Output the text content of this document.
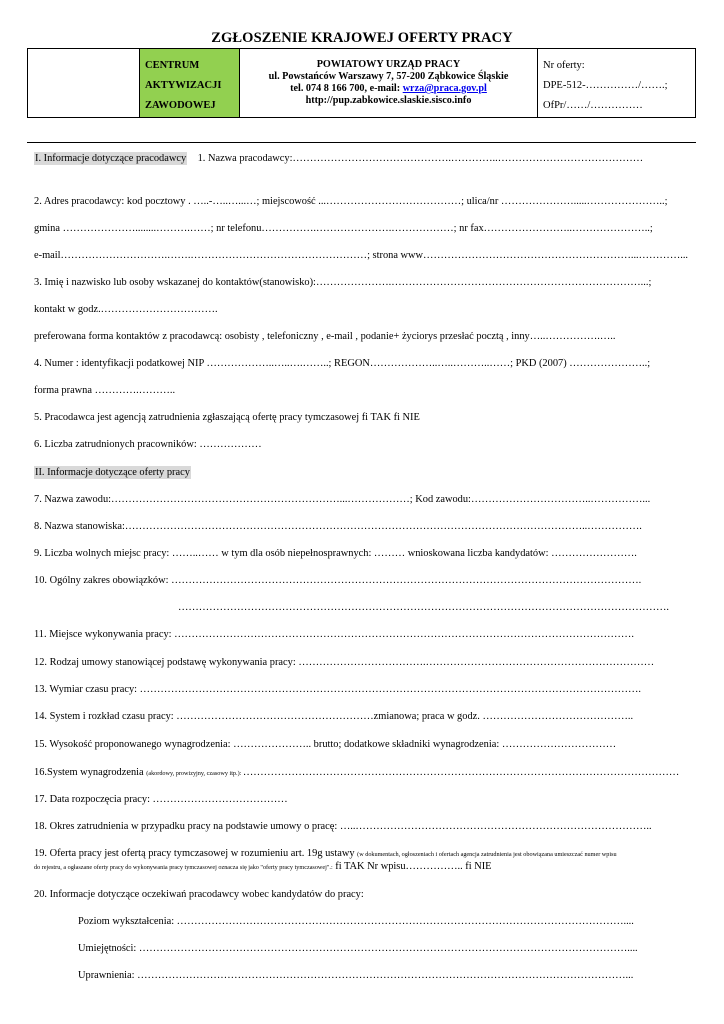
ZGŁOSZENIE KRAJOWEJ OFERTY PRACY
CENTRUM
AKTYWIZACJI
ZAWODOWEJ
POWIATOWY URZĄD PRACY
ul. Powstańców Warszawy 7, 57-200 Ząbkowice Śląskie
tel. 074 8 166 700, e-mail: wrza@praca.gov.pl
http://pup.zabkowice.slaskie.sisco.info
Nr oferty:
DPE-512-……………/…….;
OfPr/……/……………
I. Informacje dotyczące pracodawcy 1. Nazwa pracodawcy:……………………………………….…………..……………………………………
2. Adres pracodawcy: kod pocztowy . …..-…..…...…; miejscowość ...…………………………………; ulica/nr ………………….....…………………..;
gmina …………………........……….……; nr telefonu…………….………………….………………; nr fax……………………..…………………..;
e-mail………………………….…….……………………………………………; strona www……………………………………………………...…………...
3. Imię i nazwisko lub osoby wskazanej do kontaktów(stanowisko):………………….………………………………………………………………...;
kontakt w godz.…………………………….
preferowana forma kontaktów z pracodawcą: osobisty , telefoniczny , e-mail , podanie+ życiorys przesłać pocztą , inny…..…………….…..
4. Numer : identyfikacji podatkowej NIP ………………..…..….……..; REGON………………..…..………..……; PKD (2007) …………………..;
forma prawna ………….………..
5. Pracodawca jest agencją zatrudnienia zgłaszającą ofertę pracy tymczasowej fi TAK fi NIE
6. Liczba zatrudnionych pracowników: ………………
II. Informacje dotyczące oferty pracy
7. Nazwa zawodu:…………………………………………………………...………………; Kod zawodu:……………………………..……………...
8. Nazwa stanowiska:……………………………………………………………………………………………………………………..…………….
9. Liczba wolnych miejsc pracy: ……..…… w tym dla osób niepełnosprawnych: ……… wnioskowana liczba kandydatów: …………………….
10. Ogólny zakres obowiązków: ……………………………………………………………………………………………………………………….
…………………………………………………………………………………………………………………………….
11. Miejsce wykonywania pracy: …………………………………………………………………………………………………………………….
12. Rodzaj umowy stanowiącej podstawę wykonywania pracy: ……………………………….…………………………………………………………
13. Wymiar czasu pracy: ……………………………………………………………………………………………………………………………….
14. System i rozkład czasu pracy: …………………………………………………zmianowa; praca w godz. ……………………………………..
15. Wysokość proponowanego wynagrodzenia: ………………….. brutto; dodatkowe składniki wynagrodzenia: ……………………………
16.System wynagrodzenia (akordowy, prowizyjny, czasowy itp.): ………………………………………………………………………………………………………………
17. Data rozpoczęcia pracy: …………………………………
18. Okres zatrudnienia w przypadku pracy na podstawie umowy o pracę: …..…………………………………………………………………………..
19. Oferta pracy jest ofertą pracy tymczasowej w rozumieniu art. 19g ustawy (w dokumentach, ogłoszeniach i ofertach agencja zatrudnienia jest obowiązana umieszczać numer wpisu
do rejestru, a ogłaszane oferty pracy do wykonywania pracy tymczasowej oznacza się jako "oferty pracy tymczasowej".: fi TAK Nr wpisu…………….. fi NIE
20. Informacje dotyczące oczekiwań pracodawcy wobec kandydatów do pracy:
Poziom wykształcenia: …………………………………………………………………………………………………………………....
Umiejętności: ……………………………………………………………………………………………………………………………....
Uprawnienia: ……………………………………………………………………………………………………………………………...
